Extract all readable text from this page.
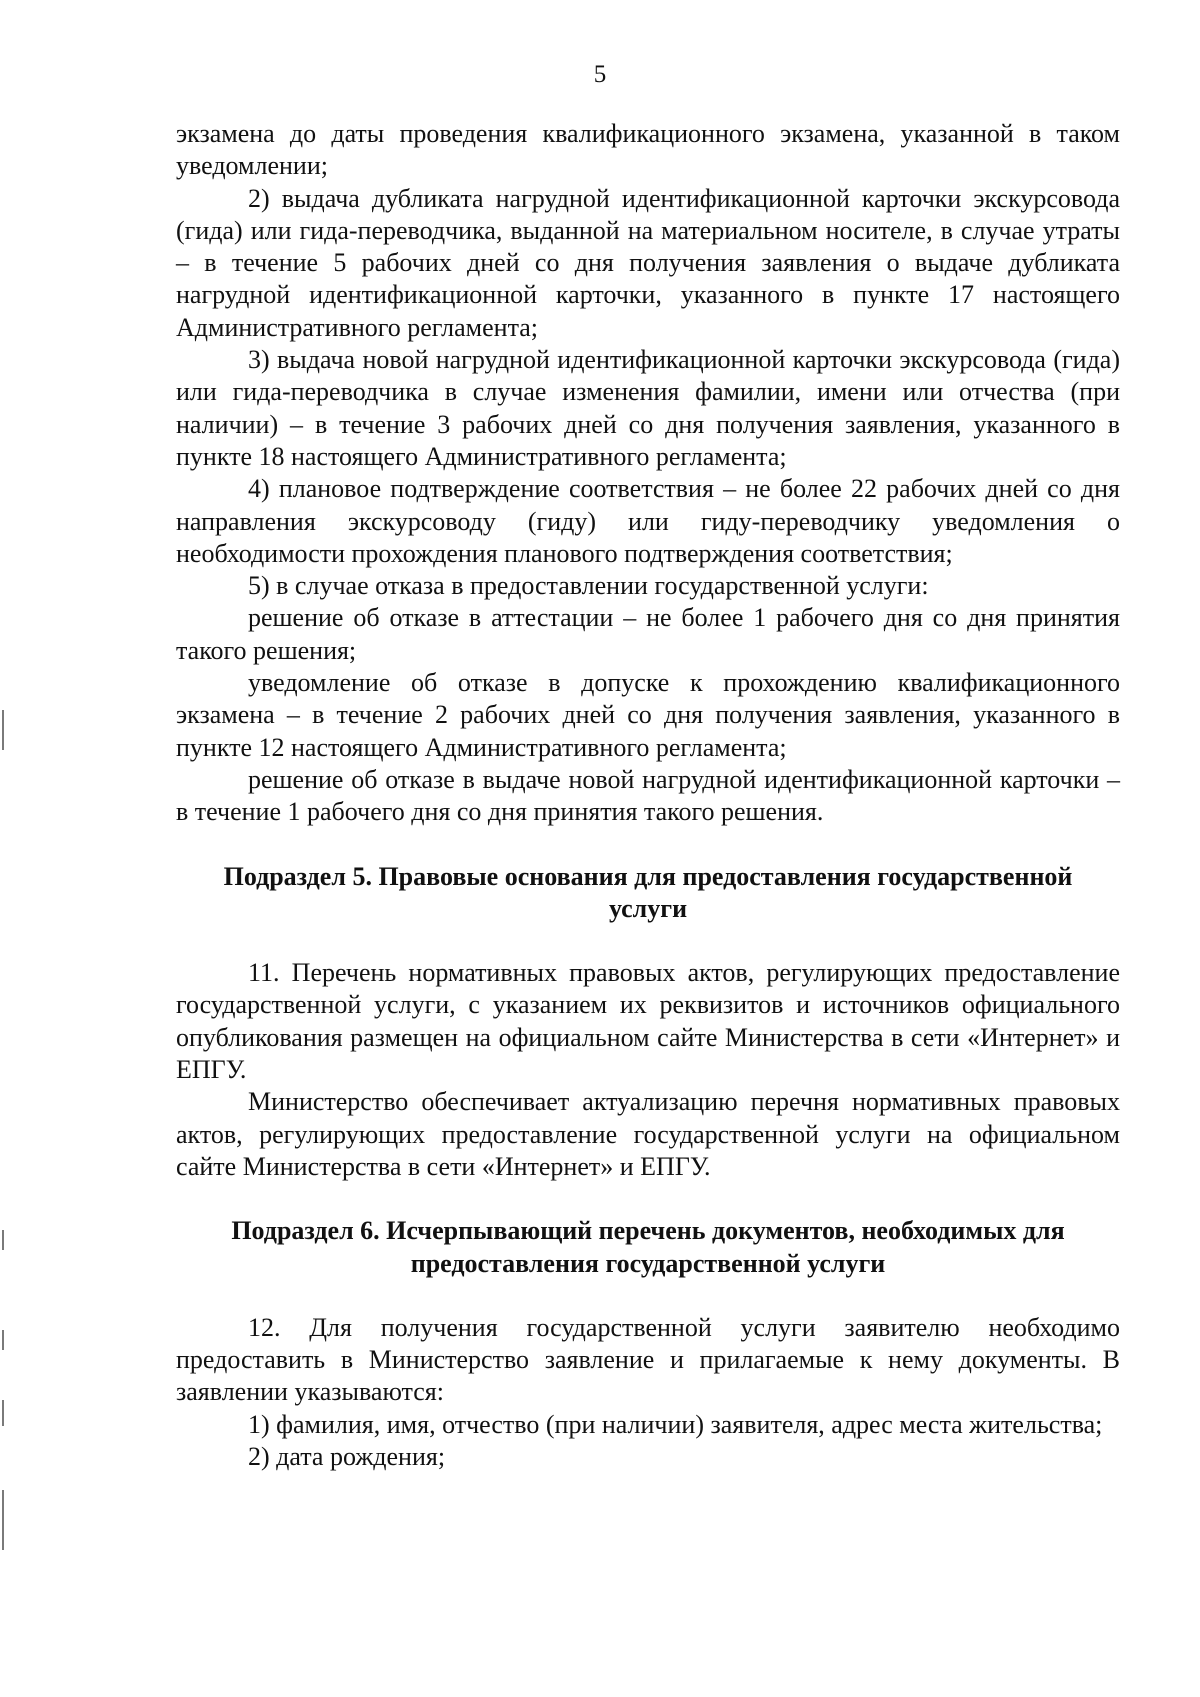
5

экзамена до даты проведения квалификационного экзамена, указанной в таком уведомлении;

2) выдача дубликата нагрудной идентификационной карточки экскурсовода (гида) или гида-переводчика, выданной на материальном носителе, в случае утраты – в течение 5 рабочих дней со дня получения заявления о выдаче дубликата нагрудной идентификационной карточки, указанного в пункте 17 настоящего Административного регламента;

3) выдача новой нагрудной идентификационной карточки экскурсовода (гида) или гида-переводчика в случае изменения фамилии, имени или отчества (при наличии) – в течение 3 рабочих дней со дня получения заявления, указанного в пункте 18 настоящего Административного регламента;

4) плановое подтверждение соответствия – не более 22 рабочих дней со дня направления экскурсоводу (гиду) или гиду-переводчику уведомления о необходимости прохождения планового подтверждения соответствия;

5) в случае отказа в предоставлении государственной услуги:

решение об отказе в аттестации – не более 1 рабочего дня со дня принятия такого решения;

уведомление об отказе в допуске к прохождению квалификационного экзамена – в течение 2 рабочих дней со дня получения заявления, указанного в пункте 12 настоящего Административного регламента;

решение об отказе в выдаче новой нагрудной идентификационной карточки – в течение 1 рабочего дня со дня принятия такого решения.

Подраздел 5. Правовые основания для предоставления государственной
услуги

11. Перечень нормативных правовых актов, регулирующих предоставление государственной услуги, с указанием их реквизитов и источников официального опубликования размещен на официальном сайте Министерства в сети «Интернет» и ЕПГУ.

Министерство обеспечивает актуализацию перечня нормативных правовых актов, регулирующих предоставление государственной услуги на официальном сайте Министерства в сети «Интернет» и ЕПГУ.

Подраздел 6. Исчерпывающий перечень документов, необходимых для
предоставления государственной услуги

12. Для получения государственной услуги заявителю необходимо предоставить в Министерство заявление и прилагаемые к нему документы. В заявлении указываются:

1) фамилия, имя, отчество (при наличии) заявителя, адрес места жительства;

2) дата рождения;
